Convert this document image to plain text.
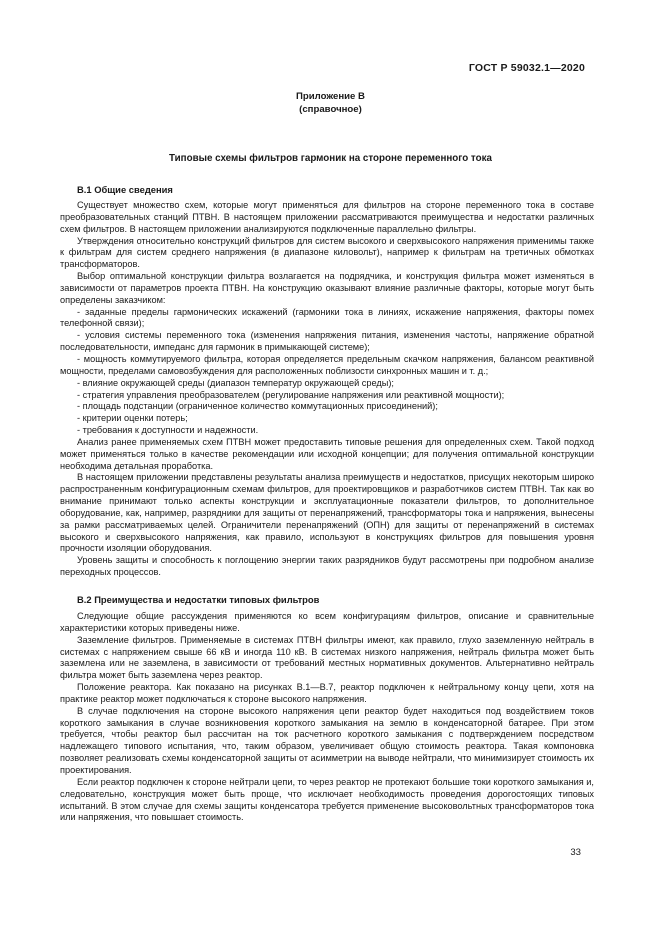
ГОСТ Р 59032.1—2020
Приложение В
(справочное)
Типовые схемы фильтров гармоник на стороне переменного тока
В.1 Общие сведения

Существует множество схем, которые могут применяться для фильтров на стороне переменного тока в составе преобразовательных станций ПТВН. В настоящем приложении рассматриваются преимущества и недостатки различных схем фильтров. В настоящем приложении анализируются подключенные параллельно фильтры.

Утверждения относительно конструкций фильтров для систем высокого и сверхвысокого напряжения применимы также к фильтрам для систем среднего напряжения (в диапазоне киловольт), например к фильтрам на третичных обмотках трансформаторов.

Выбор оптимальной конструкции фильтра возлагается на подрядчика, и конструкция фильтра может изменяться в зависимости от параметров проекта ПТВН. На конструкцию оказывают влияние различные факторы, которые могут быть определены заказчиком:

- заданные пределы гармонических искажений (гармоники тока в линиях, искажение напряжения, факторы помех телефонной связи);

- условия системы переменного тока (изменения напряжения питания, изменения частоты, напряжение обратной последовательности, импеданс для гармоник в примыкающей системе);

- мощность коммутируемого фильтра, которая определяется предельным скачком напряжения, балансом реактивной мощности, пределами самовозбуждения для расположенных поблизости синхронных машин и т. д.;

- влияние окружающей среды (диапазон температур окружающей среды);

- стратегия управления преобразователем (регулирование напряжения или реактивной мощности);

- площадь подстанции (ограниченное количество коммутационных присоединений);

- критерии оценки потерь;

- требования к доступности и надежности.

Анализ ранее применяемых схем ПТВН может предоставить типовые решения для определенных схем. Такой подход может применяться только в качестве рекомендации или исходной концепции; для получения оптимальной конструкции необходима детальная проработка.

В настоящем приложении представлены результаты анализа преимуществ и недостатков, присущих некоторым широко распространенным конфигурационным схемам фильтров, для проектировщиков и разработчиков систем ПТВН. Так как во внимание принимают только аспекты конструкции и эксплуатационные показатели фильтров, то дополнительное оборудование, как, например, разрядники для защиты от перенапряжений, трансформаторы тока и напряжения, вынесены за рамки рассматриваемых целей. Ограничители перенапряжений (ОПН) для защиты от перенапряжений в системах высокого и сверхвысокого напряжения, как правило, используют в конструкциях фильтров для повышения уровня прочности изоляции оборудования.

Уровень защиты и способность к поглощению энергии таких разрядников будут рассмотрены при подробном анализе переходных процессов.

В.2 Преимущества и недостатки типовых фильтров

Следующие общие рассуждения применяются ко всем конфигурациям фильтров, описание и сравнительные характеристики которых приведены ниже.

Заземление фильтров. Применяемые в системах ПТВН фильтры имеют, как правило, глухо заземленную нейтраль в системах с напряжением свыше 66 кВ и иногда 110 кВ. В системах низкого напряжения, нейтраль фильтра может быть заземлена или не заземлена, в зависимости от требований местных нормативных документов. Альтернативно нейтраль фильтра может быть заземлена через реактор.

Положение реактора. Как показано на рисунках В.1—В.7, реактор подключен к нейтральному концу цепи, хотя на практике реактор может подключаться к стороне высокого напряжения.

В случае подключения на стороне высокого напряжения цепи реактор будет находиться под воздействием токов короткого замыкания в случае возникновения короткого замыкания на землю в конденсаторной батарее. При этом требуется, чтобы реактор был рассчитан на ток расчетного короткого замыкания с подтверждением посредством надлежащего типового испытания, что, таким образом, увеличивает общую стоимость реактора. Такая компоновка позволяет реализовать схемы конденсаторной защиты от асимметрии на выводе нейтрали, что минимизирует стоимость их проектирования.

Если реактор подключен к стороне нейтрали цепи, то через реактор не протекают большие токи короткого замыкания и, следовательно, конструкция может быть проще, что исключает необходимость проведения дорогостоящих типовых испытаний. В этом случае для схемы защиты конденсатора требуется применение высоковольтных трансформаторов тока или напряжения, что повышает стоимость.

33
